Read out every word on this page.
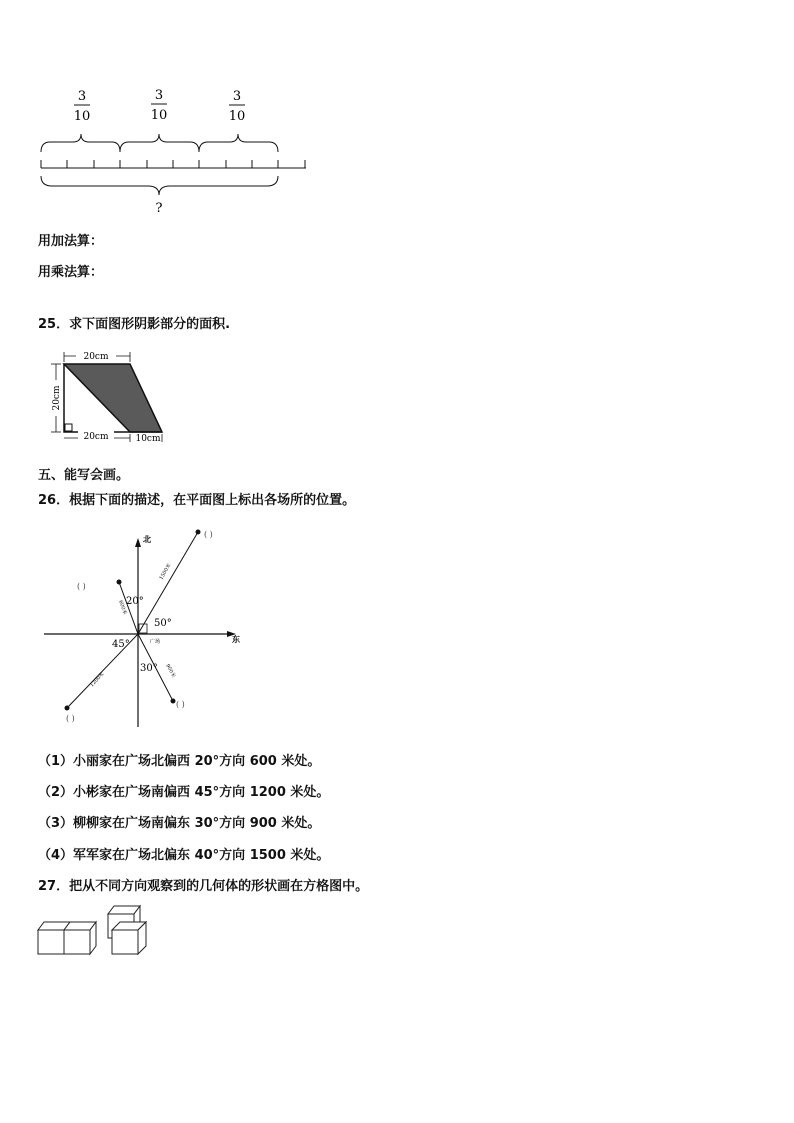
3
10
3
10
3
10
?
用加法算：
用乘法算：
25．求下面图形阴影部分的面积.
20cm
20cm
20cm	10cm
五、能写会画。
26．根据下面的描述，在平面图上标出各场所的位置。
北
东
广场
20°
50°
45°
30°
600米
1500米
1200米
900米
( )
( )
( )
( )
（1）小丽家在广场北偏西 20°方向 600 米处。
（2）小彬家在广场南偏西 45°方向 1200 米处。
（3）柳柳家在广场南偏东 30°方向 900 米处。
（4）军军家在广场北偏东 40°方向 1500 米处。
27．把从不同方向观察到的几何体的形状画在方格图中。
